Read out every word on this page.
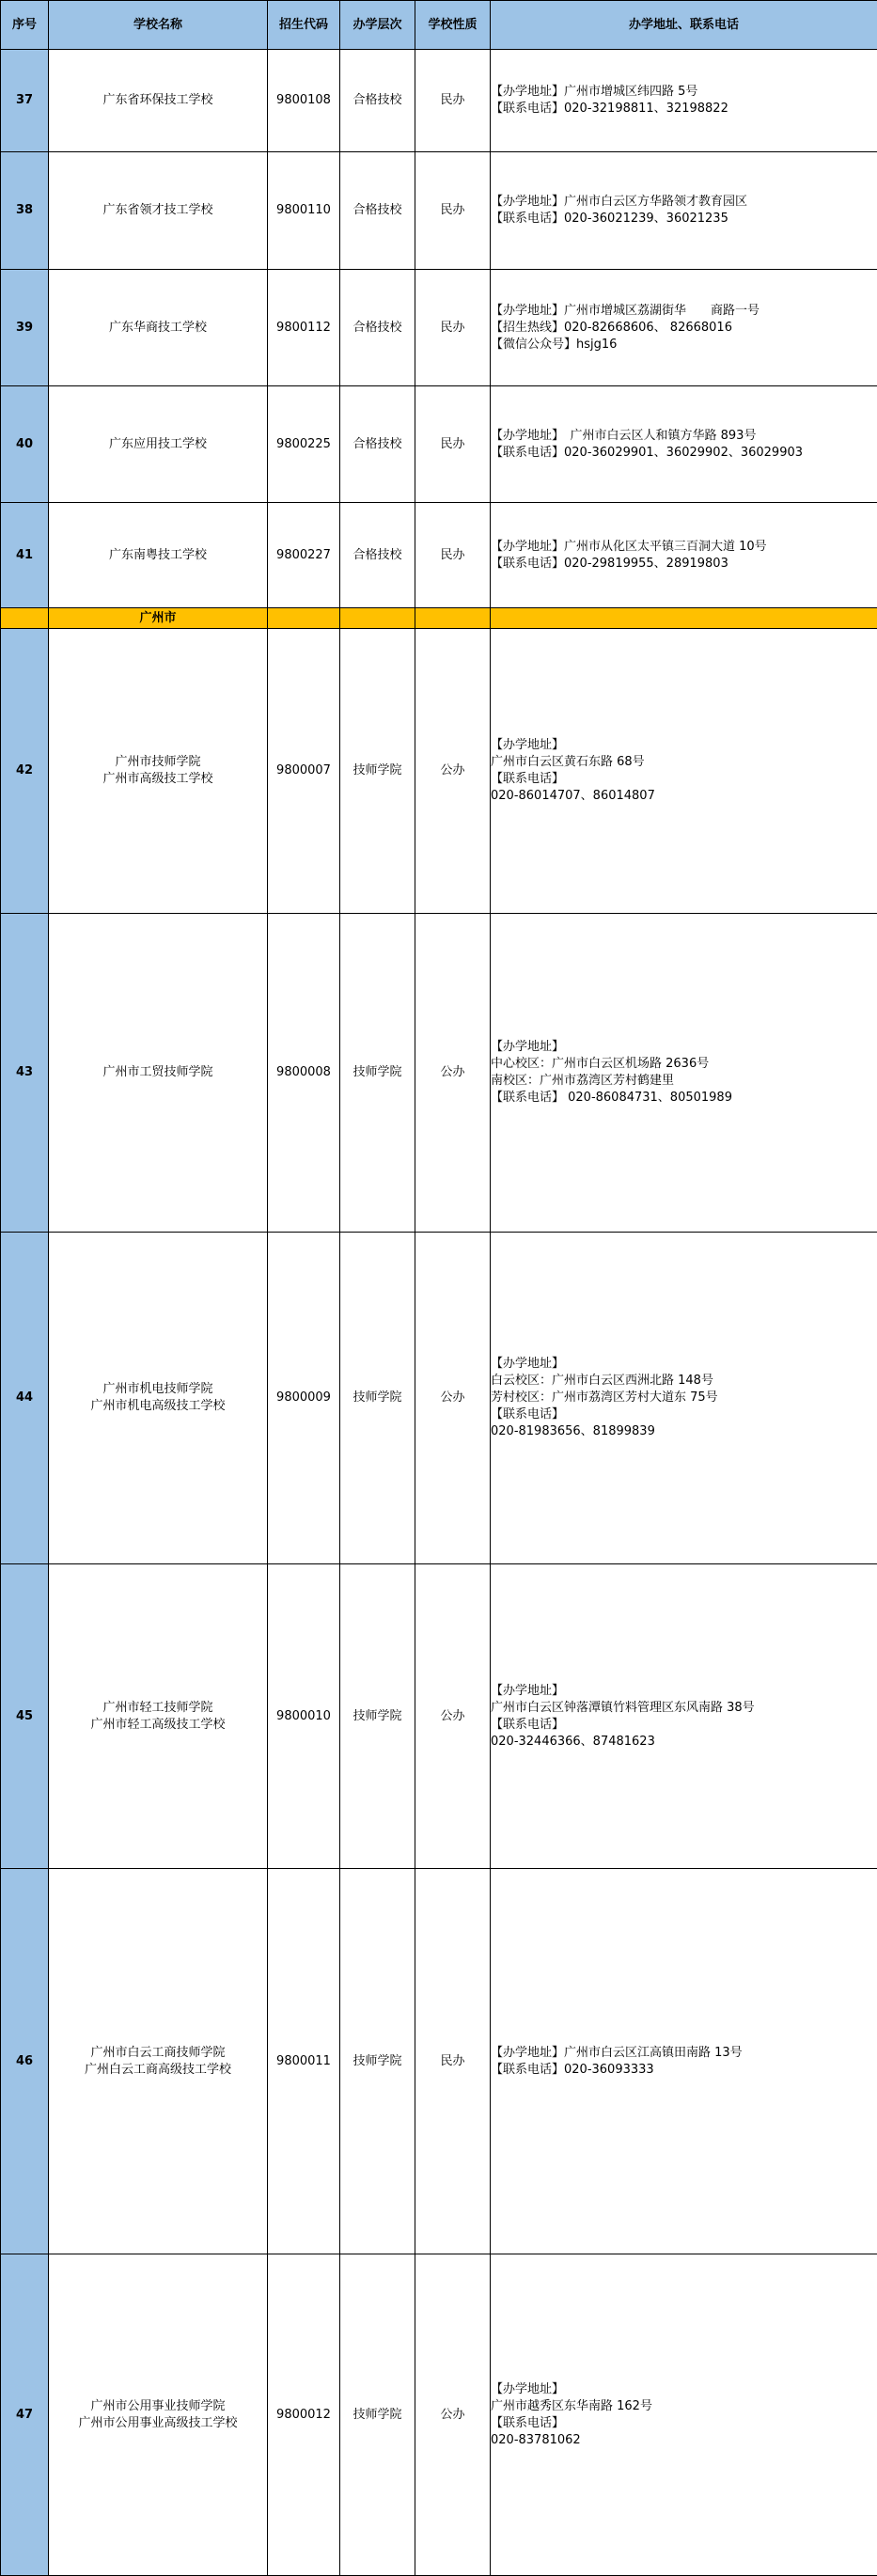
序号	学校名称	招生代码	办学层次	学校性质	办学地址、联系电话
37	广东省环保技工学校	9800108	合格技校	民办	【办学地址】广州市增城区纬四路 5号
【联系电话】020-32198811、32198822

38	广东省领才技工学校	9800110	合格技校	民办	【办学地址】广州市白云区方华路领才教育园区
【联系电话】020-36021239、36021235

39	广东华商技工学校	9800112	合格技校	民办	【办学地址】广州市增城区荔湖街华　　商路一号
【招生热线】020-82668606、 82668016
【微信公众号】hsjg16

40	广东应用技工学校	9800225	合格技校	民办	【办学地址】　广州市白云区人和镇方华路 893号
【联系电话】020-36029901、36029902、36029903

41	广东南粤技工学校	9800227	合格技校	民办	【办学地址】广州市从化区太平镇三百洞大道 10号
【联系电话】020-29819955、28919803

	广州市				
42	广州市技师学院
广州市高级技工学校	9800007	技师学院	公办	【办学地址】
广州市白云区黄石东路 68号
【联系电话】
020-86014707、86014807

43	广州市工贸技师学院	9800008	技师学院	公办	【办学地址】
中心校区：广州市白云区机场路 2636号
南校区：广州市荔湾区芳村鹤建里
【联系电话】 020-86084731、80501989

44	广州市机电技师学院
广州市机电高级技工学校	9800009	技师学院	公办	【办学地址】
白云校区：广州市白云区西洲北路 148号
芳村校区：广州市荔湾区芳村大道东 75号
【联系电话】
020-81983656、81899839

45	广州市轻工技师学院
广州市轻工高级技工学校	9800010	技师学院	公办	【办学地址】
广州市白云区钟落潭镇竹料管理区东风南路 38号
【联系电话】
020-32446366、87481623

46	广州市白云工商技师学院
广州白云工商高级技工学校	9800011	技师学院	民办	【办学地址】广州市白云区江高镇田南路 13号
【联系电话】020-36093333

47	广州市公用事业技师学院
广州市公用事业高级技工学校	9800012	技师学院	公办	【办学地址】
广州市越秀区东华南路 162号
【联系电话】
020-83781062
